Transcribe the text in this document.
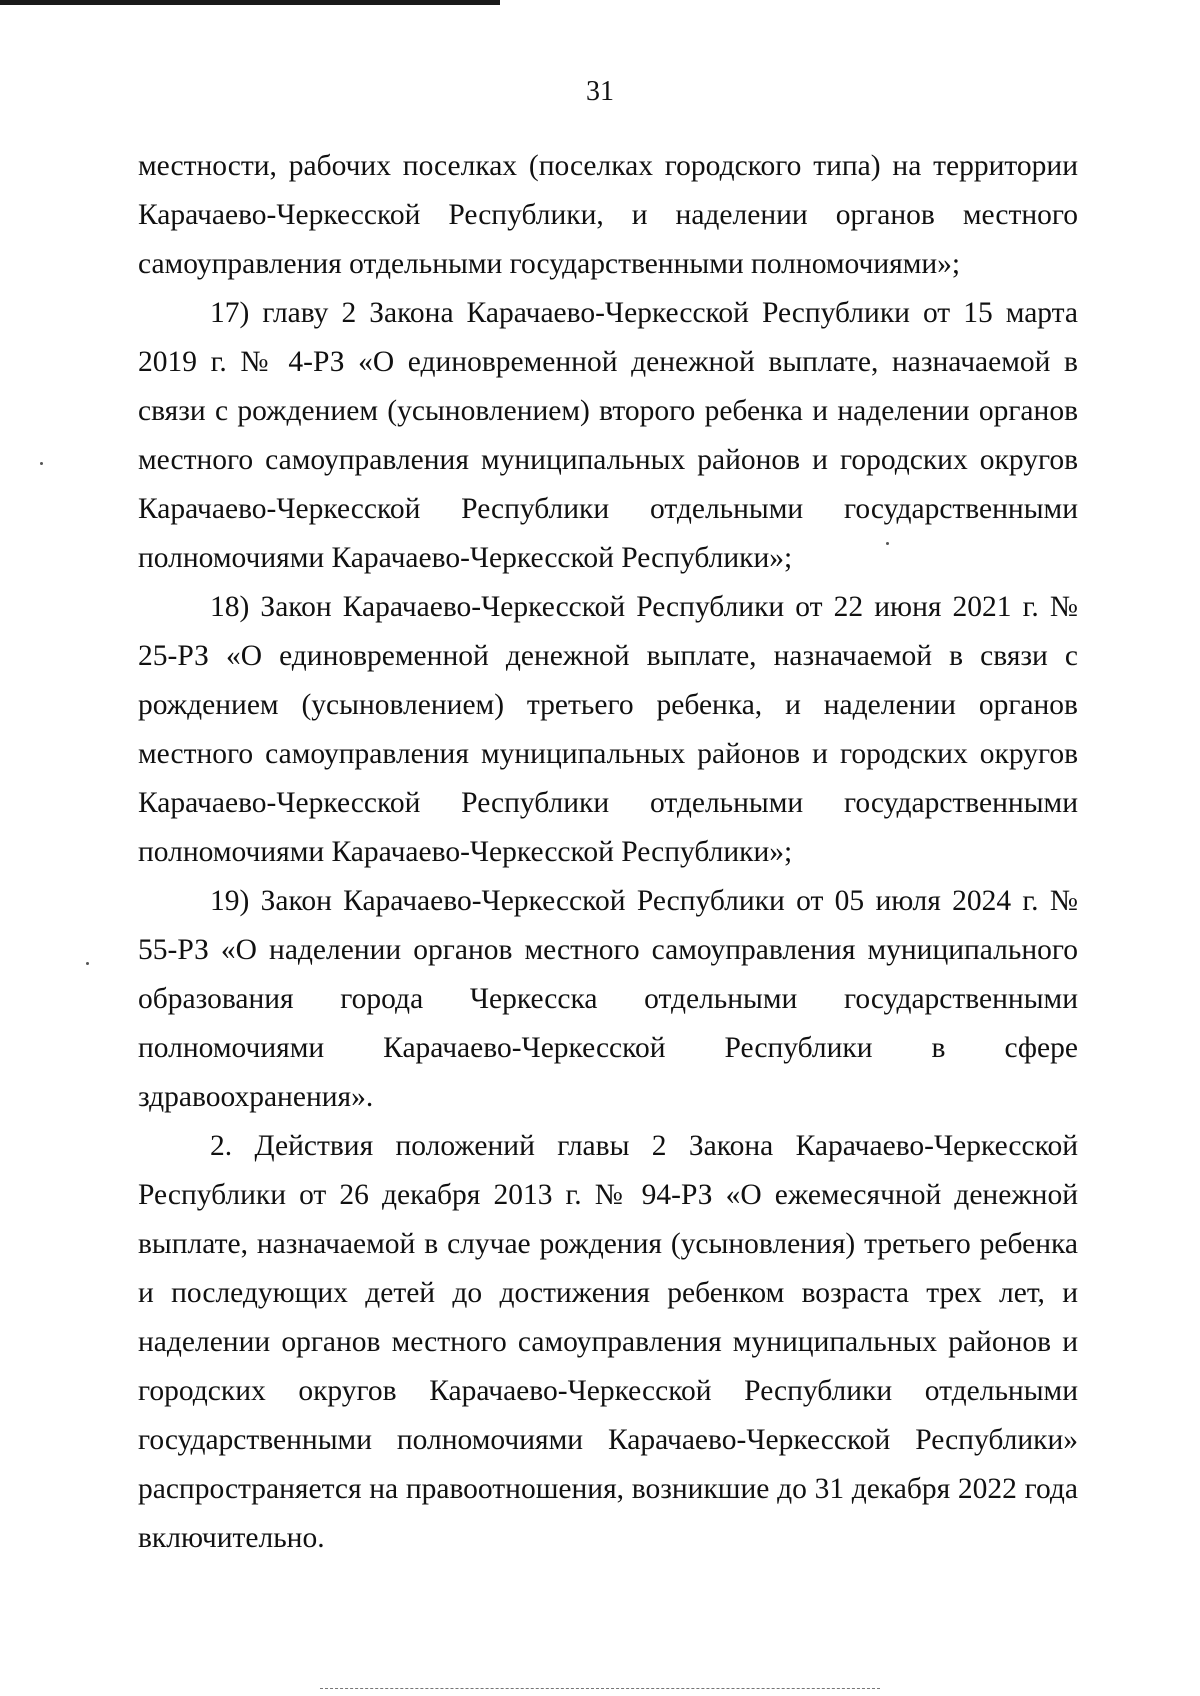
31

местности, рабочих поселках (поселках городского типа) на территории Карачаево-Черкесской Республики, и наделении органов местного самоуправления отдельными государственными полномочиями»;

17) главу 2 Закона Карачаево-Черкесской Республики от 15 марта 2019 г. № 4-РЗ «О единовременной денежной выплате, назначаемой в связи с рождением (усыновлением) второго ребенка и наделении органов местного самоуправления муниципальных районов и городских округов Карачаево-Черкесской Республики отдельными государственными полномочиями Карачаево-Черкесской Республики»;

18) Закон Карачаево-Черкесской Республики от 22 июня 2021 г. № 25-РЗ «О единовременной денежной выплате, назначаемой в связи с рождением (усыновлением) третьего ребенка, и наделении органов местного самоуправления муниципальных районов и городских округов Карачаево-Черкесской Республики отдельными государственными полномочиями Карачаево-Черкесской Республики»;

19) Закон Карачаево-Черкесской Республики от 05 июля 2024 г. № 55-РЗ «О наделении органов местного самоуправления муниципального образования города Черкесска отдельными государственными полномочиями Карачаево-Черкесской Республики в сфере здравоохранения».

2. Действия положений главы 2 Закона Карачаево-Черкесской Республики от 26 декабря 2013 г. № 94-РЗ «О ежемесячной денежной выплате, назначаемой в случае рождения (усыновления) третьего ребенка и последующих детей до достижения ребенком возраста трех лет, и наделении органов местного самоуправления муниципальных районов и городских округов Карачаево-Черкесской Республики отдельными государственными полномочиями Карачаево-Черкесской Республики» распространяется на правоотношения, возникшие до 31 декабря 2022 года включительно.
